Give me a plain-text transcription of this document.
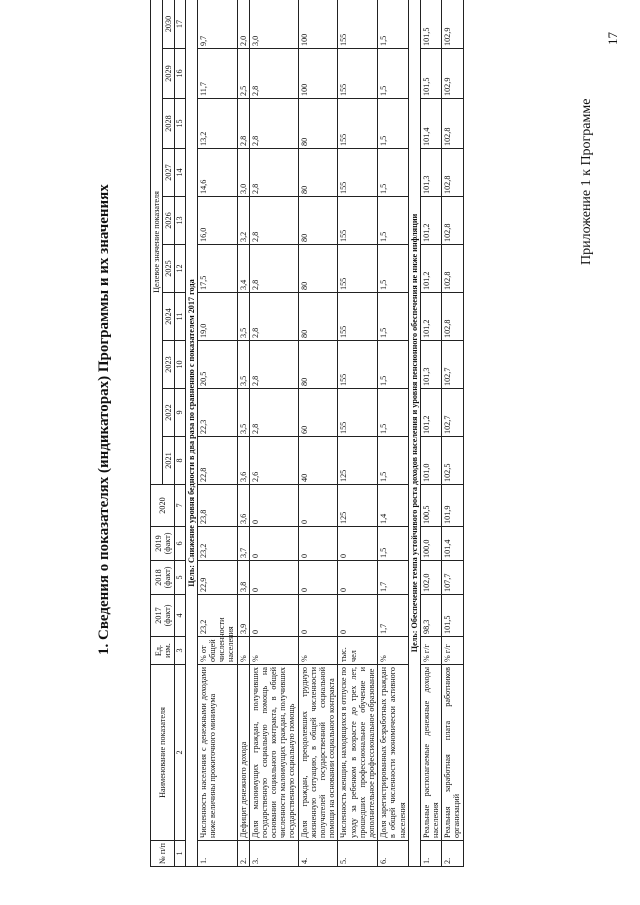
17
Приложение 1 к Программе
1. Сведения о показателях (индикаторах) Программы и их значениях
№ п/п	Наименование показателя	Ед. изм.	2017 (факт)	2018 (факт)	2019 (факт)	2020	Целевое значение показателя									
							2021	2022	2023	2024	2025	2026	2027	2028	2029	2030
1	2	3	4	5	6	7	8	9	10	11	12	13	14	15	16	17
Цель: Снижение уровня бедности в два раза по сравнению с показателем 2017 года																
1.	Численность населения с денежными доходами ниже величины прожиточного минимума	% от общей численности населения	23,2	22,9	23,2	23,8	22,8	22,3	20,5	19,0	17,5	16,0	14,6	13,2	11,7	9,7
2.	Дефицит денежного дохода	%	3,9	3,8	3,7	3,6	3,6	3,5	3,5	3,5	3,4	3,2	3,0	2,8	2,5	2,0
3.	Доля малоимущих граждан, получивших государственную социальную помощь на основании социального контракта, в общей численности малоимущих граждан, получивших государственную социальную помощь	%	0	0	0	0	2,6	2,8	2,8	2,8	2,8	2,8	2,8	2,8	2,8	3,0
4.	Доля граждан, преодолевших трудную жизненную ситуацию, в общей численности получателей государственной социальной помощи на основании социального контракта	%	0	0	0	0	40	60	80	80	80	80	80	80	100	100
5.	Численность женщин, находящихся в отпуске по уходу за ребенком в возрасте до трех лет, прошедших профессиональное обучение и дополнительное профессиональное образование	тыс. чел	0	0	0	125	125	155	155	155	155	155	155	155	155	155
6.	Доля зарегистрированных безработных граждан в общей численности экономически активного населения	%	1,7	1,7	1,5	1,4	1,5	1,5	1,5	1,5	1,5	1,5	1,5	1,5	1,5	1,5
Цель: Обеспечение темпа устойчивого роста доходов населения и уровня пенсионного обеспечения не ниже инфляции																
1.	Реальные располагаемые денежные доходы населения	% г/г	98,3	102,0	100,0	100,5	101,0	101,2	101,3	101,2	101,2	101,2	101,3	101,4	101,5	101,5
2.	Реальная заработная плата работников организаций	% г/г	101,5	107,7	101,4	101,9	102,5	102,7	102,7	102,8	102,8	102,8	102,8	102,8	102,9	102,9
